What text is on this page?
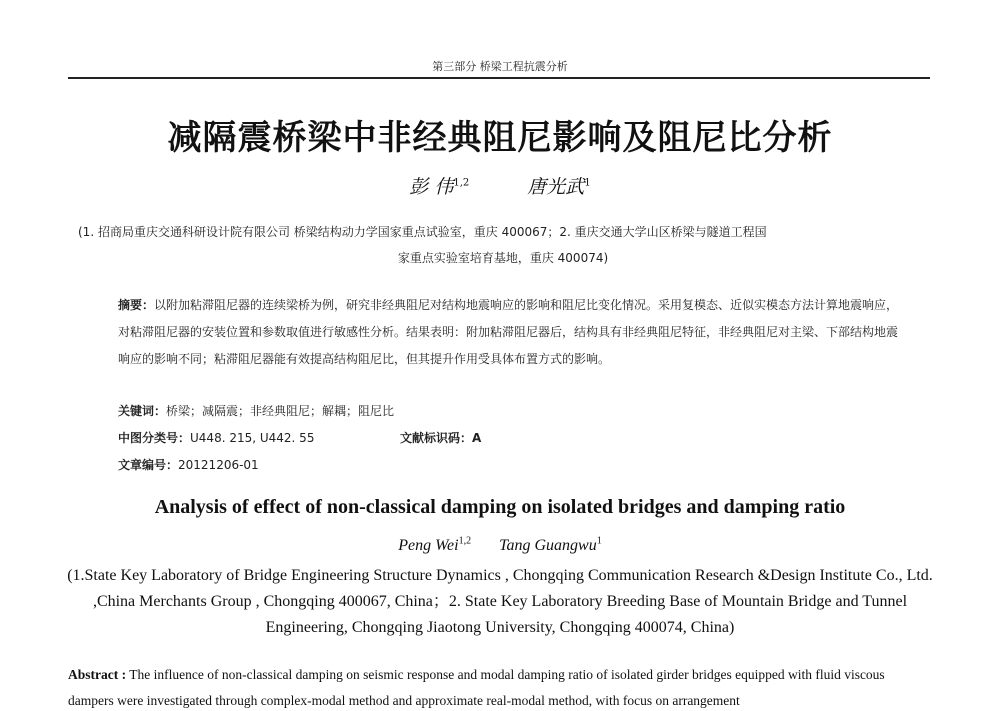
第三部分 桥梁工程抗震分析
减隔震桥梁中非经典阻尼影响及阻尼比分析
彭 伟$^{1,2}$	唐光武$^1$
(1. 招商局重庆交通科研设计院有限公司 桥梁结构动力学国家重点试验室，重庆 400067；2. 重庆交通大学山区桥梁与隧道工程国
家重点实验室培育基地，重庆 400074)
摘要：以附加粘滞阻尼器的连续梁桥为例，研究非经典阻尼对结构地震响应的影响和阻尼比变化情况。采用复模态、近似实模态方法计算地震响应，对粘滞阻尼器的安装位置和参数取值进行敏感性分析。结果表明：附加粘滞阻尼器后，结构具有非经典阻尼特征，非经典阻尼对主梁、下部结构地震响应的影响不同；粘滞阻尼器能有效提高结构阻尼比，但其提升作用受具体布置方式的影响。
关键词：桥梁；减隔震；非经典阻尼；解耦；阻尼比
中图分类号：U448. 215, U442. 55	文献标识码：A
文章编号：20121206-01
Analysis of effect of non-classical damping on isolated bridges and damping ratio
Peng Wei$^{1,2}$ Tang Guangwu$^1$
(1.State Key Laboratory of Bridge Engineering Structure Dynamics , Chongqing Communication Research &Design Institute Co., Ltd. ,China Merchants Group , Chongqing 400067, China；2. State Key Laboratory Breeding Base of Mountain Bridge and Tunnel Engineering, Chongqing Jiaotong University, Chongqing 400074, China)
Abstract : The influence of non-classical damping on seismic response and modal damping ratio of isolated girder bridges equipped with fluid viscous dampers were investigated through complex-modal method and approximate real-modal method, with focus on arrangement
